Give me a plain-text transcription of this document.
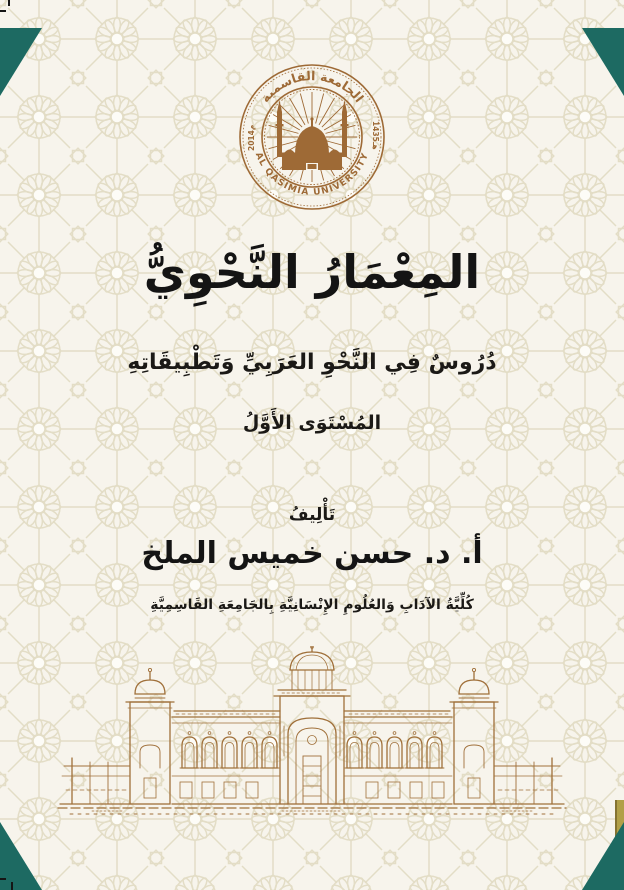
الجامعة القاسمية
AL QASIMIA UNIVERSITY
2014م	1435هـ
المِعْمَارُ النَّحْوِيُّ
دُرُوسٌ فِي النَّحْوِ العَرَبِيِّ وَتَطْبِيقَاتِهِ
المُسْتَوَى الأَوَّلُ
تَأْلِيفُ
أ. د. حسن خميس الملخ
كُلِّيَّةُ الآدَابِ وَالعُلُومِ الإِنْسَانِيَّةِ بِالجَامِعَةِ القَاسِمِيَّةِ
